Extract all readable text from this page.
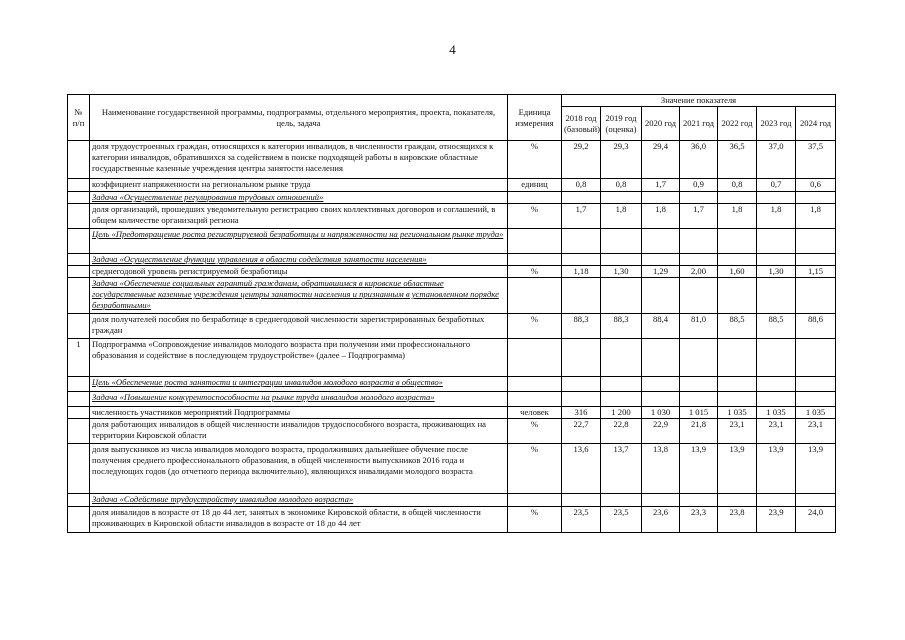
4
№ п/п	Наименование государственной программы, подпрограммы, отдельного мероприятия, проекта, показателя, цель, задача	Единица измерения	Значение показателя						
			2018 год (базовый)	2019 год (оценка)	2020 год	2021 год	2022 год	2023 год	2024 год
	доля трудоустроенных граждан, относящихся к категории инвалидов, в численности граждан, относящихся к категории инвалидов, обратившихся за содействием в поиске подходящей работы в кировские областные государственные казенные учреждения центры занятости населения	%	29,2	29,3	29,4	36,0	36,5	37,0	37,5
	коэффициент напряженности на региональном рынке труда	единиц	0,8	0,8	1,7	0,9	0,8	0,7	0,6
	Задача «Осуществление регулирования трудовых отношений»								
	доля организаций, прошедших уведомительную регистрацию своих коллективных договоров и соглашений, в общем количестве организаций региона	%	1,7	1,8	1,8	1,7	1,8	1,8	1,8
	Цель «Предотвращение роста регистрируемой безработицы и напряженности на региональном рынке труда»								
	Задача «Осуществление функции управления в области содействия занятости населения»								
	среднегодовой уровень регистрируемой безработицы	%	1,18	1,30	1,29	2,00	1,60	1,30	1,15
	Задача «Обеспечение социальных гарантий гражданам, обратившимся в кировские областные государственные казенные учреждения центры занятости населения и признанным в установленном порядке безработными»								
	доля получателей пособия по безработице в среднегодовой численности зарегистрированных безработных граждан	%	88,3	88,3	88,4	81,0	88,5	88,5	88,6
1	Подпрограмма «Сопровождение инвалидов молодого возраста при получении ими профессионального образования и содействие в последующем трудоустройстве» (далее – Подпрограмма)								
	Цель «Обеспечение роста занятости и интеграции инвалидов молодого возраста в общество»								
	Задача «Повышение конкурентоспособности на рынке труда инвалидов молодого возраста»								
	численность участников мероприятий Подпрограммы	человек	316	1 200	1 030	1 015	1 035	1 035	1 035
	доля работающих инвалидов в общей численности инвалидов трудоспособного возраста, проживающих на территории Кировской области	%	22,7	22,8	22,9	21,8	23,1	23,1	23,1
	доля выпускников из числа инвалидов молодого возраста, продолживших дальнейшее обучение после получения среднего профессионального образования, в общей численности выпускников 2016 года и последующих годов (до отчетного периода включительно), являющихся инвалидами молодого возраста	%	13,6	13,7	13,8	13,9	13,9	13,9	13,9
	Задача «Содействие трудоустройству инвалидов молодого возраста»								
	доля инвалидов в возрасте от 18 до 44 лет, занятых в экономике Кировской области, в общей численности проживающих в Кировской области инвалидов в возрасте от 18 до 44 лет	%	23,5	23,5	23,6	23,3	23,8	23,9	24,0
